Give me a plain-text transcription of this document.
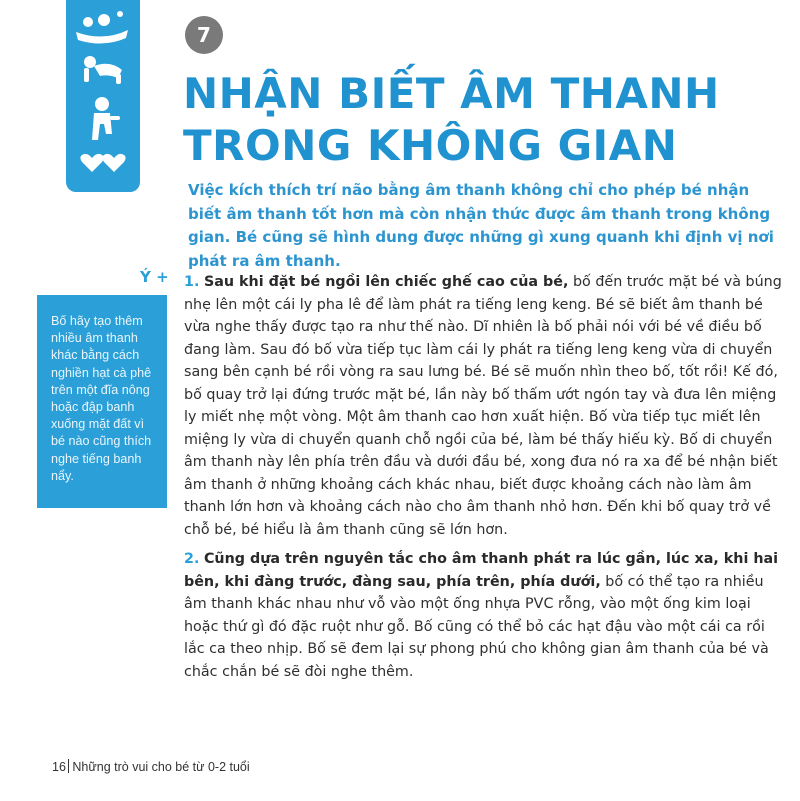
7
NHẬN BIẾT ÂM THANH
TRONG KHÔNG GIAN

Việc kích thích trí não bằng âm thanh không chỉ cho phép bé nhận biết âm thanh tốt hơn mà còn nhận thức được âm thanh trong không gian. Bé cũng sẽ hình dung được những gì xung quanh khi định vị nơi phát ra âm thanh.

Ý +

Bố hãy tạo thêm nhiều âm thanh khác bằng cách nghiền hạt cà phê trên một đĩa nông hoặc đập banh xuống mặt đất vì bé nào cũng thích nghe tiếng banh nẩy.

1. Sau khi đặt bé ngồi lên chiếc ghế cao của bé, bố đến trước mặt bé và búng nhẹ lên một cái ly pha lê để làm phát ra tiếng leng keng. Bé sẽ biết âm thanh bé vừa nghe thấy được tạo ra như thế nào. Dĩ nhiên là bố phải nói với bé về điều bố đang làm. Sau đó bố vừa tiếp tục làm cái ly phát ra tiếng leng keng vừa di chuyển sang bên cạnh bé rồi vòng ra sau lưng bé. Bé sẽ muốn nhìn theo bố, tốt rồi! Kế đó, bố quay trở lại đứng trước mặt bé, lần này bố thấm ướt ngón tay và đưa lên miệng ly miết nhẹ một vòng. Một âm thanh cao hơn xuất hiện. Bố vừa tiếp tục miết lên miệng ly vừa di chuyển quanh chỗ ngồi của bé, làm bé thấy hiếu kỳ. Bố di chuyển âm thanh này lên phía trên đầu và dưới đầu bé, xong đưa nó ra xa để bé nhận biết âm thanh ở những khoảng cách khác nhau, biết được khoảng cách nào làm âm thanh lớn hơn và khoảng cách nào cho âm thanh nhỏ hơn. Đến khi bố quay trở về chỗ bé, bé hiểu là âm thanh cũng sẽ lớn hơn.

2. Cũng dựa trên nguyên tắc cho âm thanh phát ra lúc gần, lúc xa, khi hai bên, khi đàng trước, đàng sau, phía trên, phía dưới, bố có thể tạo ra nhiều âm thanh khác nhau như vỗ vào một ống nhựa PVC rỗng, vào một ống kim loại hoặc thứ gì đó đặc ruột như gỗ. Bố cũng có thể bỏ các hạt đậu vào một cái ca rồi lắc ca theo nhịp. Bố sẽ đem lại sự phong phú cho không gian âm thanh của bé và chắc chắn bé sẽ đòi nghe thêm.

16 Những trò vui cho bé từ 0-2 tuổi
